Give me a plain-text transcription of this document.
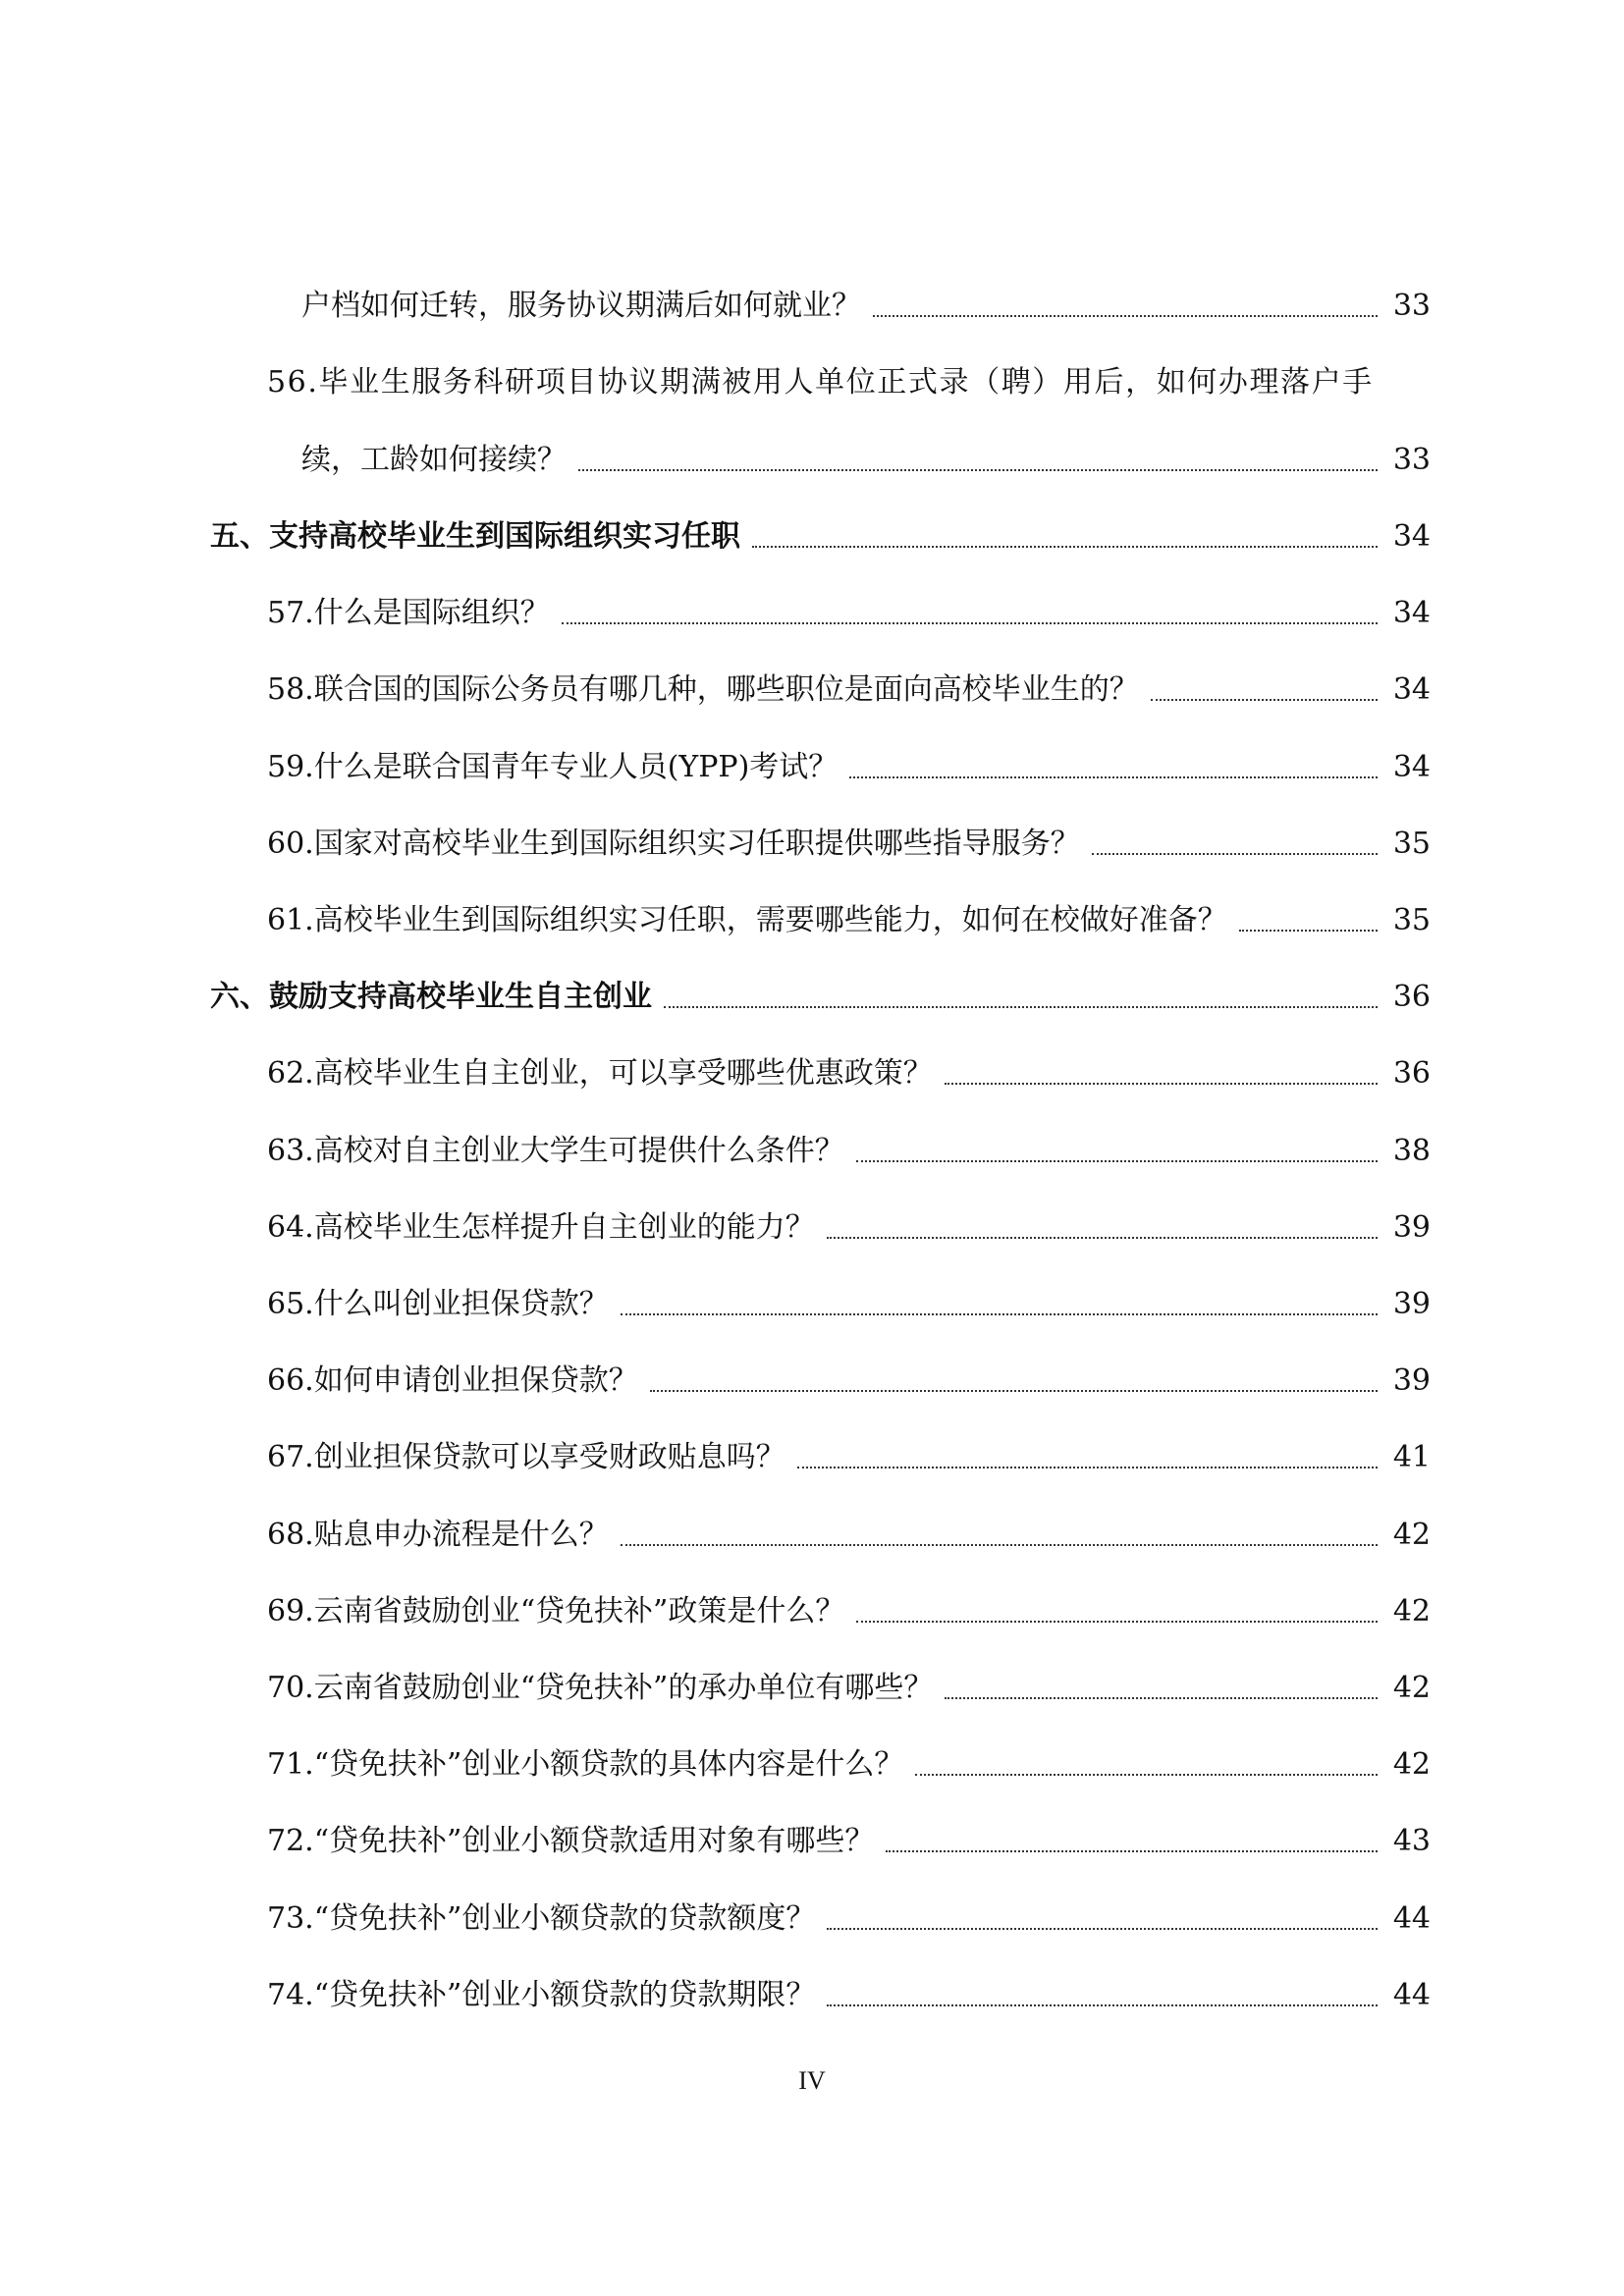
户档如何迁转，服务协议期满后如何就业？	33
56.毕业生服务科研项目协议期满被用人单位正式录（聘）用后，如何办理落户手
续，工龄如何接续？	33
五、支持高校毕业生到国际组织实习任职	34
57.什么是国际组织？	34
58.联合国的国际公务员有哪几种，哪些职位是面向高校毕业生的？	34
59.什么是联合国青年专业人员(YPP)考试？	34
60.国家对高校毕业生到国际组织实习任职提供哪些指导服务？	35
61.高校毕业生到国际组织实习任职，需要哪些能力，如何在校做好准备？	35
六、鼓励支持高校毕业生自主创业	36
62.高校毕业生自主创业，可以享受哪些优惠政策？	36
63.高校对自主创业大学生可提供什么条件？	38
64.高校毕业生怎样提升自主创业的能力？	39
65.什么叫创业担保贷款？	39
66.如何申请创业担保贷款？	39
67.创业担保贷款可以享受财政贴息吗？	41
68.贴息申办流程是什么？	42
69.云南省鼓励创业“贷免扶补”政策是什么？	42
70.云南省鼓励创业“贷免扶补”的承办单位有哪些？	42
71.“贷免扶补”创业小额贷款的具体内容是什么？	42
72.“贷免扶补”创业小额贷款适用对象有哪些？	43
73.“贷免扶补”创业小额贷款的贷款额度？	44
74.“贷免扶补”创业小额贷款的贷款期限？	44
IV
